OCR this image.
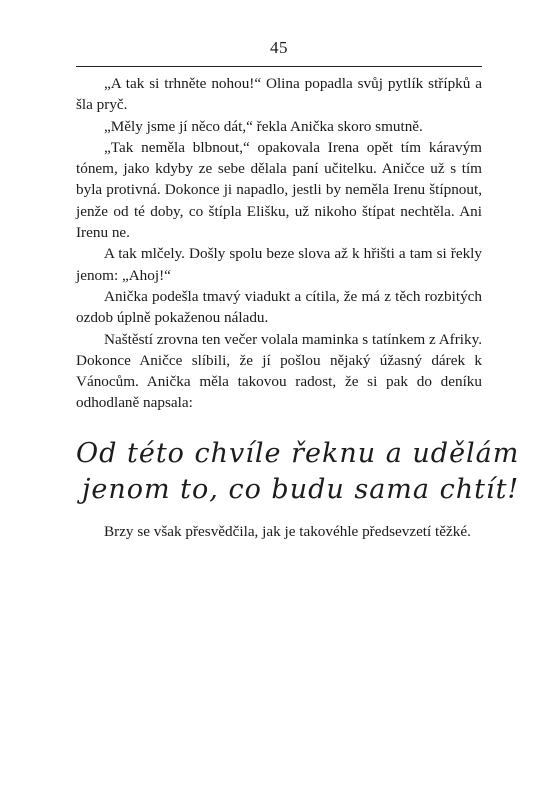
45

„A tak si trhněte nohou!“ Olina popadla svůj pytlík střípků a šla pryč.

„Měly jsme jí něco dát,“ řekla Anička skoro smutně.

„Tak neměla blbnout,“ opakovala Irena opět tím káravým tónem, jako kdyby ze sebe dělala paní učitelku. Aničce už s tím byla protivná. Dokonce ji napadlo, jestli by neměla Irenu štípnout, jenže od té doby, co štípla Elišku, už nikoho štípat nechtěla. Ani Irenu ne.

A tak mlčely. Došly spolu beze slova až k hřišti a tam si řekly jenom: „Ahoj!“

Anička podešla tmavý viadukt a cítila, že má z těch rozbitých ozdob úplně pokaženou náladu.

Naštěstí zrovna ten večer volala maminka s tatínkem z Afriky. Dokonce Aničce slíbili, že jí pošlou nějaký úžasný dárek k Vánocům. Anička měla takovou radost, že si pak do deníku odhodlaně napsala:

Od této chvíle řeknu a udělám
jenom to, co budu sama chtít!

Brzy se však přesvědčila, jak je takovéhle předsevzetí těžké.
